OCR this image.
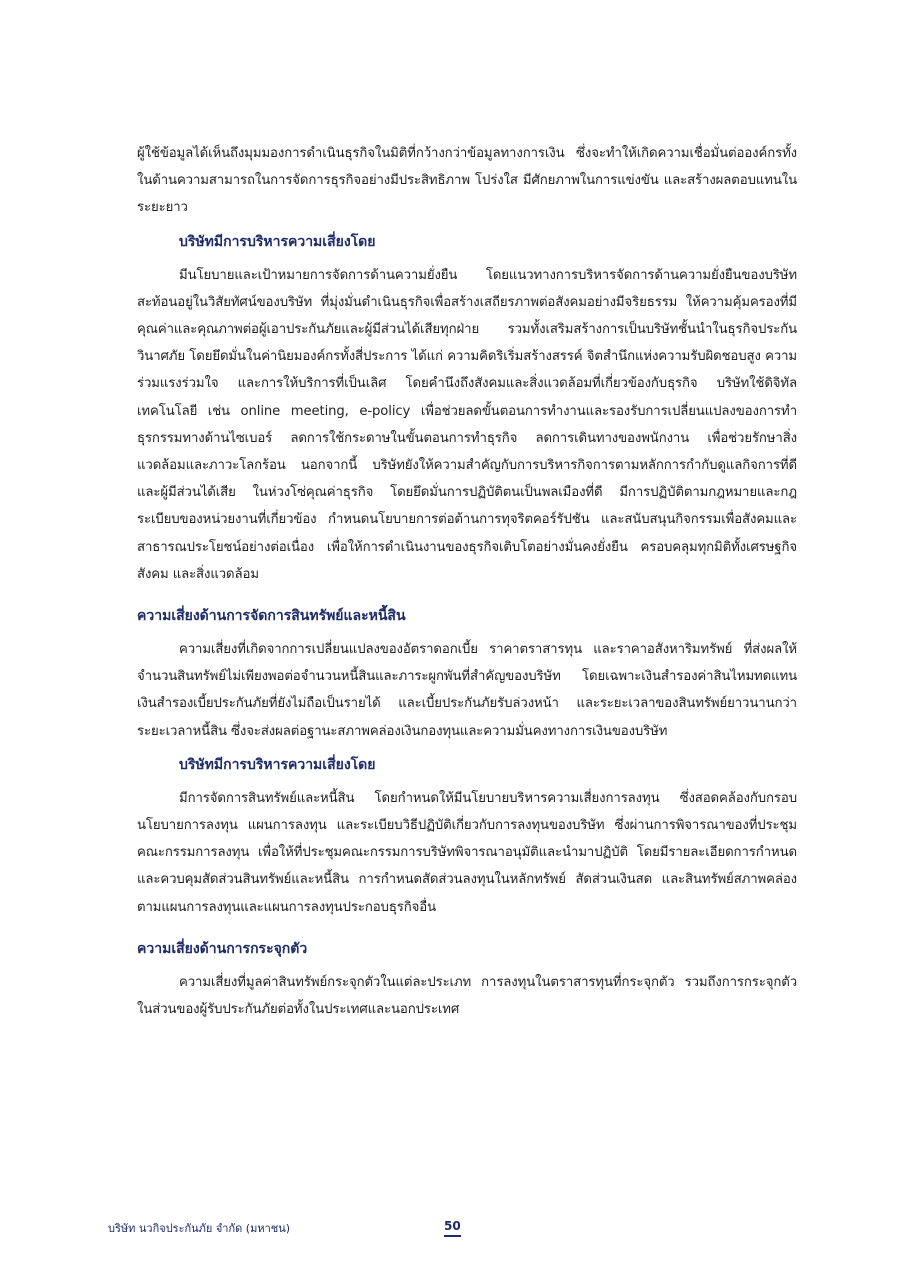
ผู้ใช้ข้อมูลได้เห็นถึงมุมมองการดำเนินธุรกิจในมิติที่กว้างกว่าข้อมูลทางการเงิน ซึ่งจะทำให้เกิดความเชื่อมั่นต่อองค์กรทั้งในด้านความสามารถในการจัดการธุรกิจอย่างมีประสิทธิภาพ โปร่งใส มีศักยภาพในการแข่งขัน และสร้างผลตอบแทนในระยะยาว

บริษัทมีการบริหารความเสี่ยงโดย

มีนโยบายและเป้าหมายการจัดการด้านความยั่งยืน โดยแนวทางการบริหารจัดการด้านความยั่งยืนของบริษัทสะท้อนอยู่ในวิสัยทัศน์ของบริษัท ที่มุ่งมั่นดำเนินธุรกิจเพื่อสร้างเสถียรภาพต่อสังคมอย่างมีจริยธรรม ให้ความคุ้มครองที่มีคุณค่าและคุณภาพต่อผู้เอาประกันภัยและผู้มีส่วนได้เสียทุกฝ่าย รวมทั้งเสริมสร้างการเป็นบริษัทชั้นนำในธุรกิจประกันวินาศภัย โดยยึดมั่นในค่านิยมองค์กรทั้งสี่ประการ ได้แก่ ความคิดริเริ่มสร้างสรรค์ จิตสำนึกแห่งความรับผิดชอบสูง ความร่วมแรงร่วมใจ และการให้บริการที่เป็นเลิศ โดยคำนึงถึงสังคมและสิ่งแวดล้อมที่เกี่ยวข้องกับธุรกิจ บริษัทใช้ดิจิทัลเทคโนโลยี เช่น online meeting, e-policy เพื่อช่วยลดขั้นตอนการทำงานและรองรับการเปลี่ยนแปลงของการทำธุรกรรมทางด้านไซเบอร์ ลดการใช้กระดาษในขั้นตอนการทำธุรกิจ ลดการเดินทางของพนักงาน เพื่อช่วยรักษาสิ่งแวดล้อมและภาวะโลกร้อน นอกจากนี้ บริษัทยังให้ความสำคัญกับการบริหารกิจการตามหลักการกำกับดูแลกิจการที่ดีและผู้มีส่วนได้เสีย ในห่วงโซ่คุณค่าธุรกิจ โดยยึดมั่นการปฏิบัติตนเป็นพลเมืองที่ดี มีการปฏิบัติตามกฎหมายและกฎระเบียบของหน่วยงานที่เกี่ยวข้อง กำหนดนโยบายการต่อต้านการทุจริตคอร์รัปชัน และสนับสนุนกิจกรรมเพื่อสังคมและสาธารณประโยชน์อย่างต่อเนื่อง เพื่อให้การดำเนินงานของธุรกิจเติบโตอย่างมั่นคงยั่งยืน ครอบคลุมทุกมิติทั้งเศรษฐกิจ สังคม และสิ่งแวดล้อม

ความเสี่ยงด้านการจัดการสินทรัพย์และหนี้สิน

ความเสี่ยงที่เกิดจากการเปลี่ยนแปลงของอัตราดอกเบี้ย ราคาตราสารทุน และราคาอสังหาริมทรัพย์ ที่ส่งผลให้จำนวนสินทรัพย์ไม่เพียงพอต่อจำนวนหนี้สินและภาระผูกพันที่สำคัญของบริษัท โดยเฉพาะเงินสำรองค่าสินไหมทดแทนเงินสำรองเบี้ยประกันภัยที่ยังไม่ถือเป็นรายได้ และเบี้ยประกันภัยรับล่วงหน้า และระยะเวลาของสินทรัพย์ยาวนานกว่าระยะเวลาหนี้สิน ซึ่งจะส่งผลต่อฐานะสภาพคล่องเงินกองทุนและความมั่นคงทางการเงินของบริษัท

บริษัทมีการบริหารความเสี่ยงโดย

มีการจัดการสินทรัพย์และหนี้สิน โดยกำหนดให้มีนโยบายบริหารความเสี่ยงการลงทุน ซึ่งสอดคล้องกับกรอบนโยบายการลงทุน แผนการลงทุน และระเบียบวิธีปฏิบัติเกี่ยวกับการลงทุนของบริษัท ซึ่งผ่านการพิจารณาของที่ประชุมคณะกรรมการลงทุน เพื่อให้ที่ประชุมคณะกรรมการบริษัทพิจารณาอนุมัติและนำมาปฏิบัติ โดยมีรายละเอียดการกำหนดและควบคุมสัดส่วนสินทรัพย์และหนี้สิน การกำหนดสัดส่วนลงทุนในหลักทรัพย์ สัดส่วนเงินสด และสินทรัพย์สภาพคล่องตามแผนการลงทุนและแผนการลงทุนประกอบธุรกิจอื่น

ความเสี่ยงด้านการกระจุกตัว

ความเสี่ยงที่มูลค่าสินทรัพย์กระจุกตัวในแต่ละประเภท การลงทุนในตราสารทุนที่กระจุกตัว รวมถึงการกระจุกตัวในส่วนของผู้รับประกันภัยต่อทั้งในประเทศและนอกประเทศ

บริษัท นวกิจประกันภัย จำกัด (มหาชน)	50
